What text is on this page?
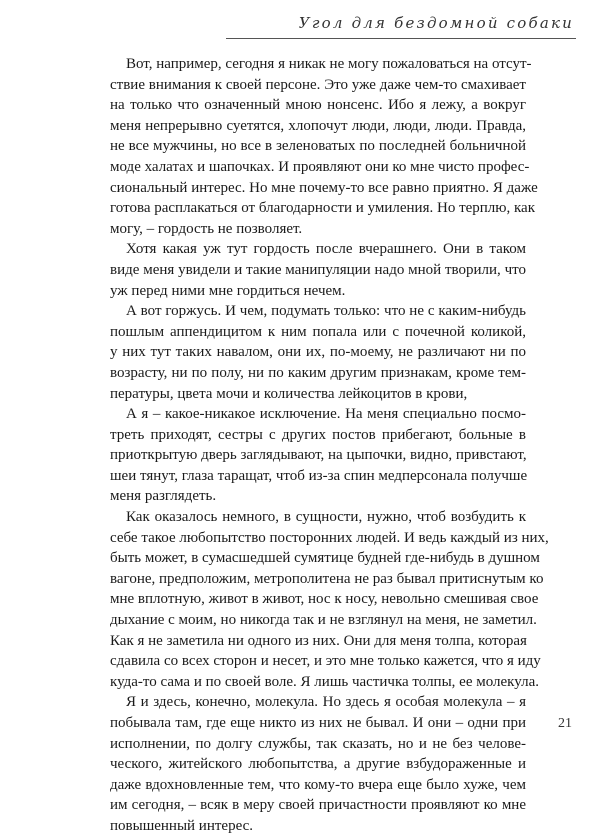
Угол для бездомной собаки
Вот, например, сегодня я никак не могу пожаловаться на отсут-
ствие внимания к своей персоне. Это уже даже чем-то смахивает
на только что означенный мною нонсенс. Ибо я лежу, а вокруг
меня непрерывно суетятся, хлопочут люди, люди, люди. Правда,
не все мужчины, но все в зеленоватых по последней больничной
моде халатах и шапочках. И проявляют они ко мне чисто профес-
сиональный интерес. Но мне почему-то все равно приятно. Я даже
готова расплакаться от благодарности и умиления. Но терплю, как
могу, – гордость не позволяет.
Хотя какая уж тут гордость после вчерашнего. Они в таком
виде меня увидели и такие манипуляции надо мной творили, что
уж перед ними мне гордиться нечем.
А вот горжусь. И чем, подумать только: что не с каким-нибудь
пошлым аппендицитом к ним попала или с почечной коликой,
у них тут таких навалом, они их, по-моему, не различают ни по
возрасту, ни по полу, ни по каким другим признакам, кроме тем-
пературы, цвета мочи и количества лейкоцитов в крови,
А я – какое-никакое исключение. На меня специально посмо-
треть приходят, сестры с других постов прибегают, больные в
приоткрытую дверь заглядывают, на цыпочки, видно, привстают,
шеи тянут, глаза таращат, чтоб из-за спин медперсонала получше
меня разглядеть.
Как оказалось немного, в сущности, нужно, чтоб возбудить к
себе такое любопытство посторонних людей. И ведь каждый из них,
быть может, в сумасшедшей сумятице будней где-нибудь в душном
вагоне, предположим, метрополитена не раз бывал притиснутым ко
мне вплотную, живот в живот, нос к носу, невольно смешивая свое
дыхание с моим, но никогда так и не взглянул на меня, не заметил.
Как я не заметила ни одного из них. Они для меня толпа, которая
сдавила со всех сторон и несет, и это мне только кажется, что я иду
куда-то сама и по своей воле. Я лишь частичка толпы, ее молекула.
Я и здесь, конечно, молекула. Но здесь я особая молекула – я
побывала там, где еще никто из них не бывал. И они – одни при
исполнении, по долгу службы, так сказать, но и не без челове-
ческого, житейского любопытства, а другие взбудораженные и
даже вдохновленные тем, что кому-то вчера еще было хуже, чем
им сегодня, – всяк в меру своей причастности проявляют ко мне
повышенный интерес.
21
